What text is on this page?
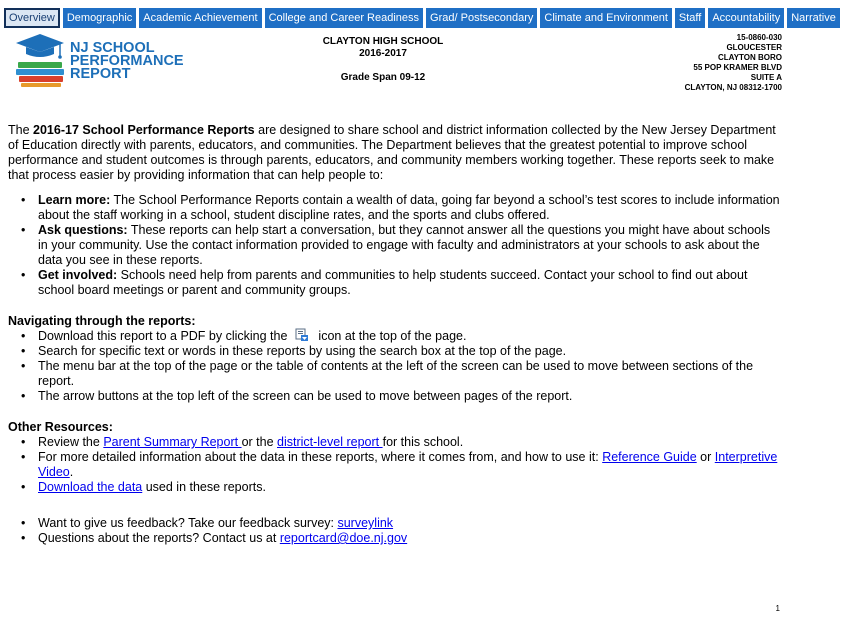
Overview	Demographic	Academic Achievement	College and Career Readiness	Grad/ Postsecondary	Climate and Environment	Staff	Accountability	Narrative
NJ SCHOOL
PERFORMANCE
REPORT
CLAYTON HIGH SCHOOL
2016-2017
Grade Span 09-12
15-0860-030
GLOUCESTER
CLAYTON BORO
55 POP KRAMER BLVD
SUITE A
CLAYTON, NJ 08312-1700

The 2016-17 School Performance Reports are designed to share school and district information collected by the New Jersey Department of Education directly with parents, educators, and communities. The Department believes that the greatest potential to improve school performance and student outcomes is through parents, educators, and community members working together. These reports seek to make that process easier by providing information that can help people to:

• Learn more: The School Performance Reports contain a wealth of data, going far beyond a school’s test scores to include information about the staff working in a school, student discipline rates, and the sports and clubs offered.
• Ask questions: These reports can help start a conversation, but they cannot answer all the questions you might have about schools in your community. Use the contact information provided to engage with faculty and administrators at your schools to ask about the data you see in these reports.
• Get involved: Schools need help from parents and communities to help students succeed. Contact your school to find out about school board meetings or parent and community groups.
Navigating through the reports:
• Download this report to a PDF by clicking the icon at the top of the page.
• Search for specific text or words in these reports by using the search box at the top of the page.
• The menu bar at the top of the page or the table of contents at the left of the screen can be used to move between sections of the report.
• The arrow buttons at the top left of the screen can be used to move between pages of the report.
Other Resources:
• Review the Parent Summary Report or the district-level report for this school.
• For more detailed information about the data in these reports, where it comes from, and how to use it: Reference Guide or Interpretive Video.
• Download the data used in these reports.
• Want to give us feedback? Take our feedback survey: surveylink
• Questions about the reports? Contact us at reportcard@doe.nj.gov
1
